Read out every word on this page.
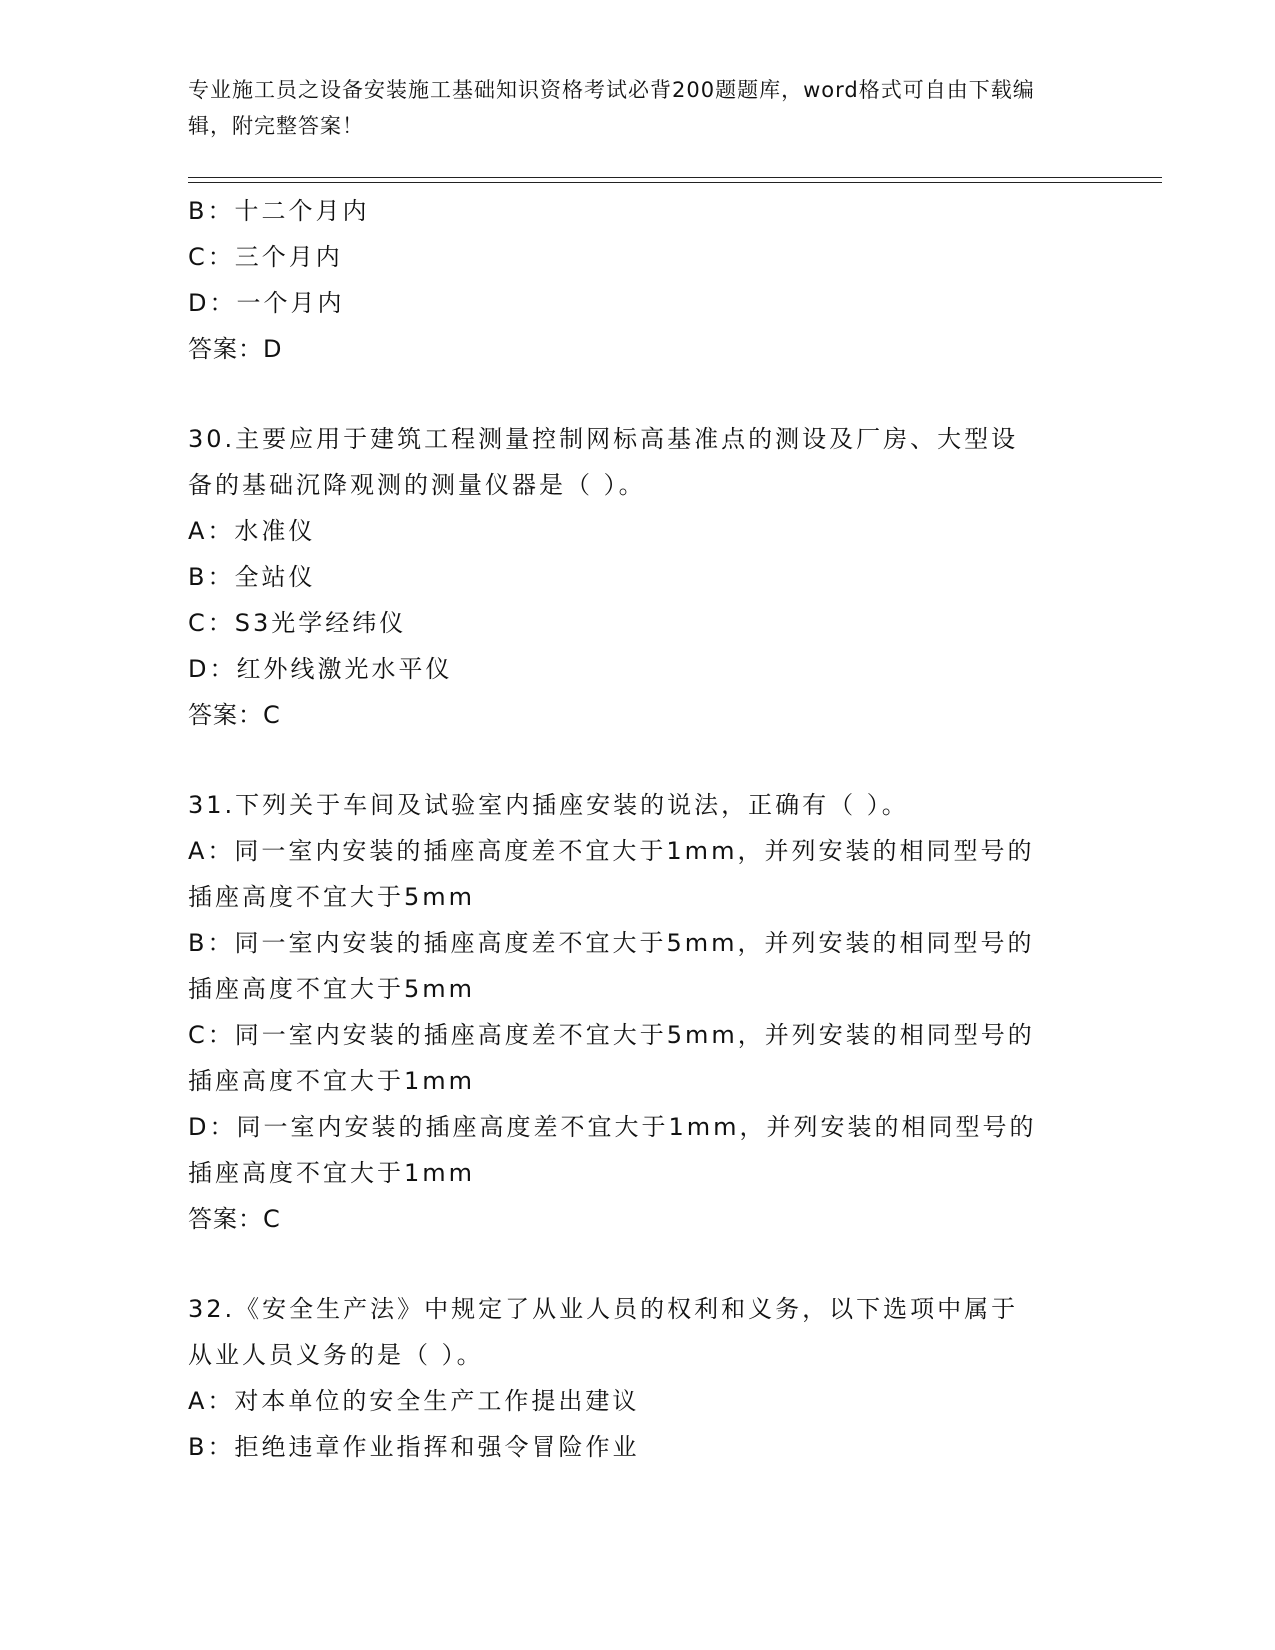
专业施工员之设备安装施工基础知识资格考试必背200题题库，word格式可自由下载编辑，附完整答案！
B：十二个月内
C：三个月内
D：一个月内
答案：D
30.主要应用于建筑工程测量控制网标高基准点的测设及厂房、大型设
备的基础沉降观测的测量仪器是（ ）。
A：水准仪
B：全站仪
C：S3光学经纬仪
D：红外线激光水平仪
答案：C
31.下列关于车间及试验室内插座安装的说法，正确有（ ）。
A：同一室内安装的插座高度差不宜大于1mm，并列安装的相同型号的
插座高度不宜大于5mm
B：同一室内安装的插座高度差不宜大于5mm，并列安装的相同型号的
插座高度不宜大于5mm
C：同一室内安装的插座高度差不宜大于5mm，并列安装的相同型号的
插座高度不宜大于1mm
D：同一室内安装的插座高度差不宜大于1mm，并列安装的相同型号的
插座高度不宜大于1mm
答案：C
32.《安全生产法》中规定了从业人员的权利和义务，以下选项中属于
从业人员义务的是（ ）。
A：对本单位的安全生产工作提出建议
B：拒绝违章作业指挥和强令冒险作业
